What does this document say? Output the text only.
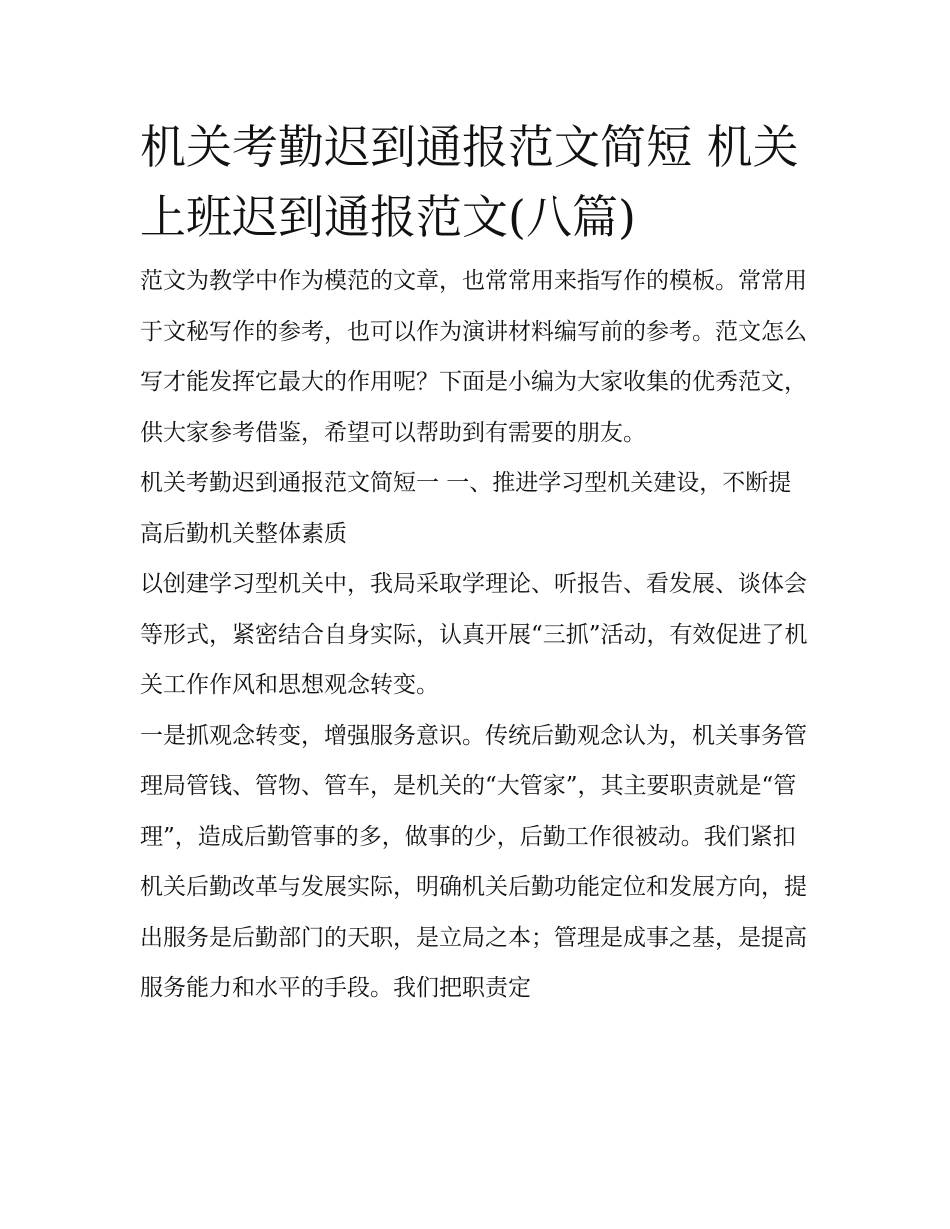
机关考勤迟到通报范文简短 机关上班迟到通报范文(八篇)

范文为教学中作为模范的文章，也常常用来指写作的模板。常常用于文秘写作的参考，也可以作为演讲材料编写前的参考。范文怎么写才能发挥它最大的作用呢？下面是小编为大家收集的优秀范文，供大家参考借鉴，希望可以帮助到有需要的朋友。

机关考勤迟到通报范文简短一 一、推进学习型机关建设，不断提高后勤机关整体素质

以创建学习型机关中，我局采取学理论、听报告、看发展、谈体会等形式，紧密结合自身实际，认真开展“三抓”活动，有效促进了机关工作作风和思想观念转变。

一是抓观念转变，增强服务意识。传统后勤观念认为，机关事务管理局管钱、管物、管车，是机关的“大管家”，其主要职责就是“管理”，造成后勤管事的多，做事的少，后勤工作很被动。我们紧扣机关后勤改革与发展实际，明确机关后勤功能定位和发展方向，提出服务是后勤部门的天职，是立局之本；管理是成事之基，是提高服务能力和水平的手段。我们把职责定
